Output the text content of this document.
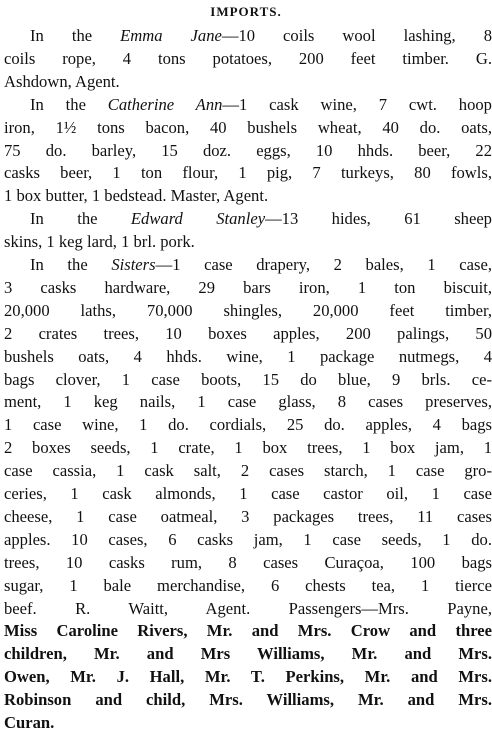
IMPORTS.
In the Emma Jane—10 coils wool lashing, 8
coils rope, 4 tons potatoes, 200 feet timber. G.
Ashdown, Agent.
In the Catherine Ann—1 cask wine, 7 cwt. hoop
iron, 1½ tons bacon, 40 bushels wheat, 40 do. oats,
75 do. barley, 15 doz. eggs, 10 hhds. beer, 22
casks beer, 1 ton flour, 1 pig, 7 turkeys, 80 fowls,
1 box butter, 1 bedstead. Master, Agent.
In the Edward Stanley—13 hides, 61 sheep
skins, 1 keg lard, 1 brl. pork.
In the Sisters—1 case drapery, 2 bales, 1 case,
3 casks hardware, 29 bars iron, 1 ton biscuit,
20,000 laths, 70,000 shingles, 20,000 feet timber,
2 crates trees, 10 boxes apples, 200 palings, 50
bushels oats, 4 hhds. wine, 1 package nutmegs, 4
bags clover, 1 case boots, 15 do blue, 9 brls. ce-
ment, 1 keg nails, 1 case glass, 8 cases preserves,
1 case wine, 1 do. cordials, 25 do. apples, 4 bags
2 boxes seeds, 1 crate, 1 box trees, 1 box jam, 1
case cassia, 1 cask salt, 2 cases starch, 1 case gro-
ceries, 1 cask almonds, 1 case castor oil, 1 case
cheese, 1 case oatmeal, 3 packages trees, 11 cases
apples. 10 cases, 6 casks jam, 1 case seeds, 1 do.
trees, 10 casks rum, 8 cases Curaçoa, 100 bags
sugar, 1 bale merchandise, 6 chests tea, 1 tierce
beef. R. Waitt, Agent. Passengers—Mrs. Payne,
Miss Caroline Rivers, Mr. and Mrs. Crow and three
children, Mr. and Mrs Williams, Mr. and Mrs.
Owen, Mr. J. Hall, Mr. T. Perkins, Mr. and Mrs.
Robinson and child, Mrs. Williams, Mr. and Mrs.
Curan.
